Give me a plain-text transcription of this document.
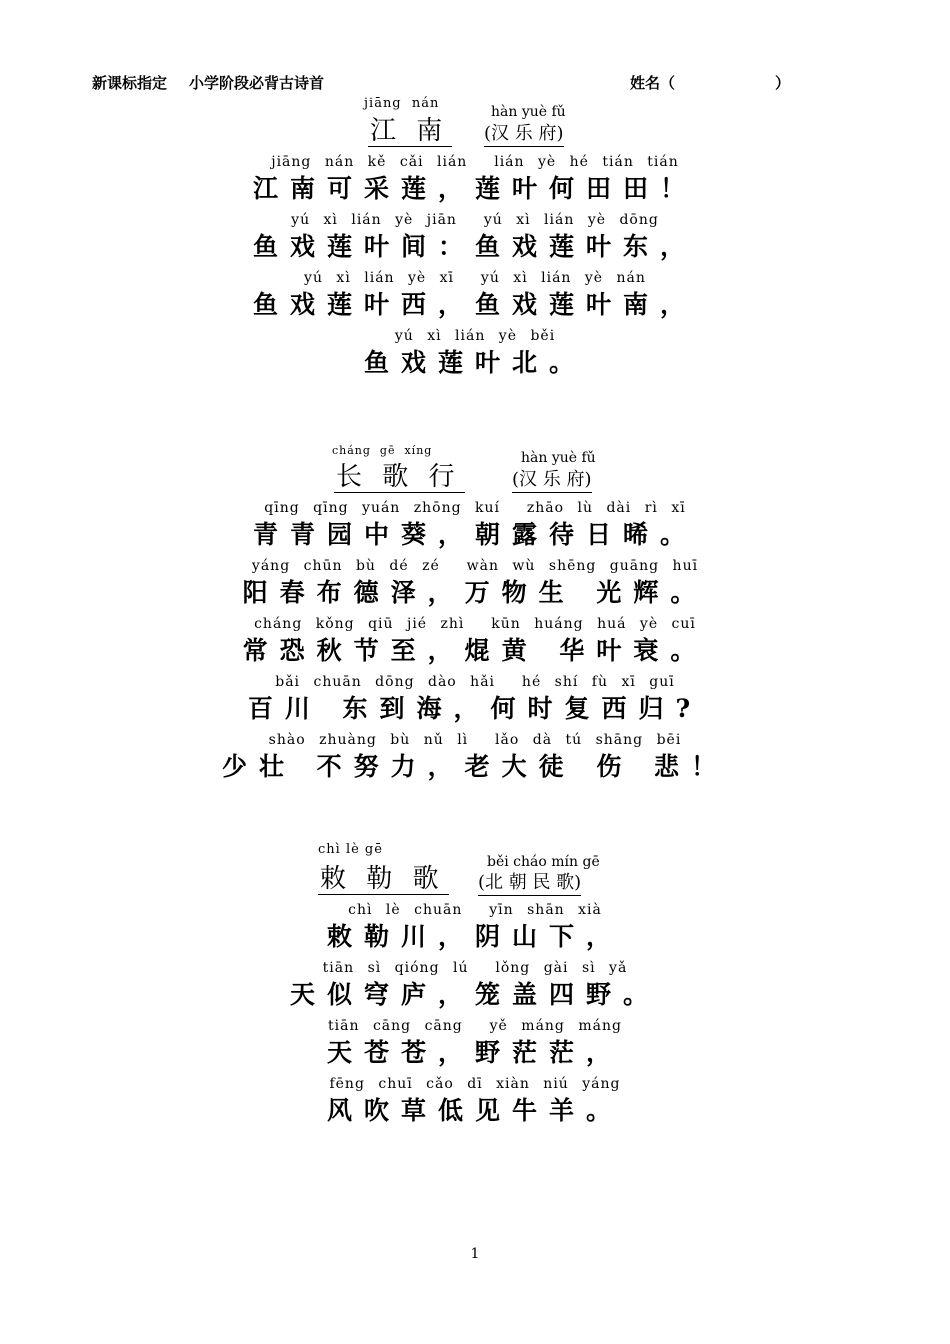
新课标指定 小学阶段必背古诗首	姓名（	）
jiāng  nán
hàn yuè fǔ
江 南 (汉 乐 府)
jiāng nán kě cǎi lián  lián yè hé tián tián
江南可采莲，莲叶何田田！
yú xì lián yè jiān  yú xì lián yè dōng
鱼戏莲叶间：鱼戏莲叶东，
yú xì lián yè xī  yú xì lián yè nán
鱼戏莲叶西，鱼戏莲叶南，
yú xì lián yè běi
鱼戏莲叶北。
cháng  gē  xíng	hàn yuè fǔ
长 歌 行	(汉 乐 府)
qīng qīng yuán zhōng kuí  zhāo lù dài rì xī
青青园中葵，朝露待日晞。
yáng chūn bù dé zé  wàn wù shēng guāng huī
阳春布德泽，万物生 光辉。
cháng kǒng qiū jié zhì  kūn huáng huá yè cuī
常恐秋节至，焜黄 华叶衰。
bǎi chuān dōng dào hǎi  hé shí fù xī guī
百川 东到海，何时复西归?
shào zhuàng bù nǔ lì  lǎo dà tú shāng bēi
少壮 不努力，老大徒 伤 悲！
chì lè gē
běi cháo mín gē
敕 勒 歌 (北 朝 民 歌)
chì lè chuān  yīn shān xià
敕勒川，阴山下，
tiān sì qióng lú  lǒng gài sì yǎ
天似穹庐，笼盖四野。
tiān cāng cāng  yě máng máng
天苍苍，野茫茫，
fēng chuī cǎo dī xiàn niú yáng
风吹草低见牛羊。
1
